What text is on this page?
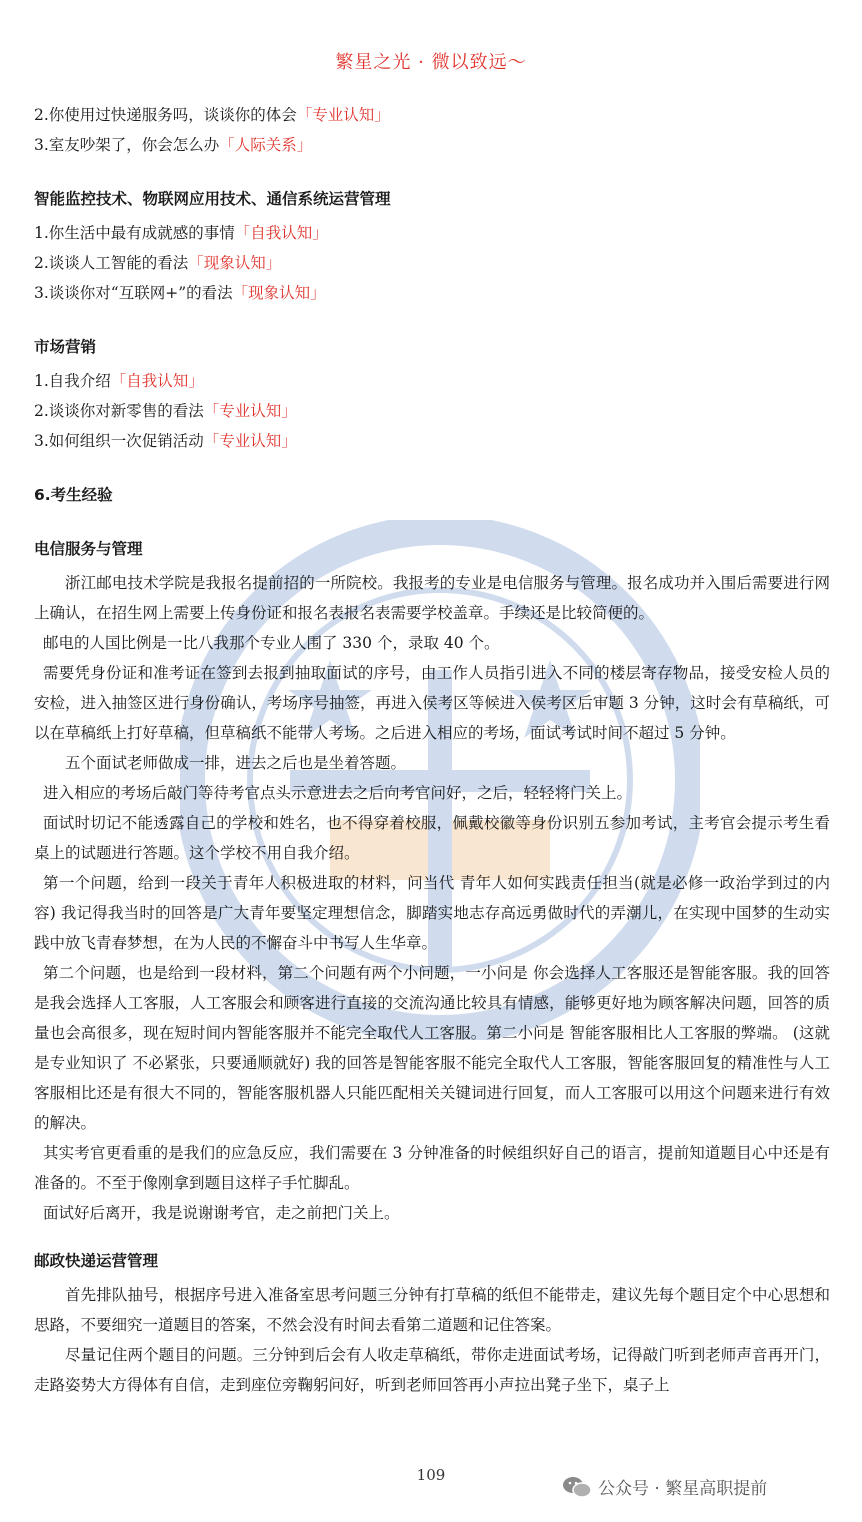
繁星之光 · 微以致远～
2.你使用过快递服务吗，谈谈你的体会「专业认知」
3.室友吵架了，你会怎么办「人际关系」
智能监控技术、物联网应用技术、通信系统运营管理
1.你生活中最有成就感的事情「自我认知」
2.谈谈人工智能的看法「现象认知」
3.谈谈你对“互联网+”的看法「现象认知」
市场营销
1.自我介绍「自我认知」
2.谈谈你对新零售的看法「专业认知」
3.如何组织一次促销活动「专业认知」
6.考生经验
电信服务与管理

浙江邮电技术学院是我报名提前招的一所院校。我报考的专业是电信服务与管理。报名成功并入围后需要进行网上确认，在招生网上需要上传身份证和报名表报名表需要学校盖章。手续还是比较简便的。

邮电的人国比例是一比八我那个专业人围了 330 个，录取 40 个。

需要凭身份证和准考证在签到去报到抽取面试的序号，由工作人员指引进入不同的楼层寄存物品，接受安检人员的安检，进入抽签区进行身份确认，考场序号抽签，再进入侯考区等候进入侯考区后审题 3 分钟，这时会有草稿纸，可以在草稿纸上打好草稿，但草稿纸不能带人考场。之后进入相应的考场，面试考试时间不超过 5 分钟。

五个面试老师做成一排，进去之后也是坐着答题。

进入相应的考场后敲门等待考官点头示意进去之后向考官问好，之后，轻轻将门关上。

面试时切记不能透露自己的学校和姓名，也不得穿着校服，佩戴校徽等身份识别五参加考试，主考官会提示考生看桌上的试题进行答题。这个学校不用自我介绍。

第一个问题，给到一段关于青年人积极进取的材料，问当代 青年人如何实践责任担当(就是必修一政治学到过的内容) 我记得我当时的回答是广大青年要坚定理想信念，脚踏实地志存高远勇做时代的弄潮儿，在实现中国梦的生动实践中放飞青春梦想，在为人民的不懈奋斗中书写人生华章。

第二个问题，也是给到一段材料，第二个问题有两个小问题，一小问是 你会选择人工客服还是智能客服。我的回答是我会选择人工客服，人工客服会和顾客进行直接的交流沟通比较具有情感，能够更好地为顾客解决问题，回答的质量也会高很多，现在短时间内智能客服并不能完全取代人工客服。第二小问是 智能客服相比人工客服的弊端。 (这就是专业知识了 不必紧张，只要通顺就好) 我的回答是智能客服不能完全取代人工客服，智能客服回复的精准性与人工客服相比还是有很大不同的，智能客服机器人只能匹配相关关键词进行回复，而人工客服可以用这个问题来进行有效的解决。

其实考官更看重的是我们的应急反应，我们需要在 3 分钟准备的时候组织好自己的语言，提前知道题目心中还是有准备的。不至于像刚拿到题目这样子手忙脚乱。

面试好后离开，我是说谢谢考官，走之前把门关上。

邮政快递运营管理

首先排队抽号，根据序号进入准备室思考问题三分钟有打草稿的纸但不能带走，建议先每个题目定个中心思想和思路，不要细究一道题目的答案，不然会没有时间去看第二道题和记住答案。

尽量记住两个题目的问题。三分钟到后会有人收走草稿纸，带你走进面试考场，记得敲门听到老师声音再开门，走路姿势大方得体有自信，走到座位旁鞠躬问好，听到老师回答再小声拉出凳子坐下，桌子上

109
公众号 · 繁星高职提前
